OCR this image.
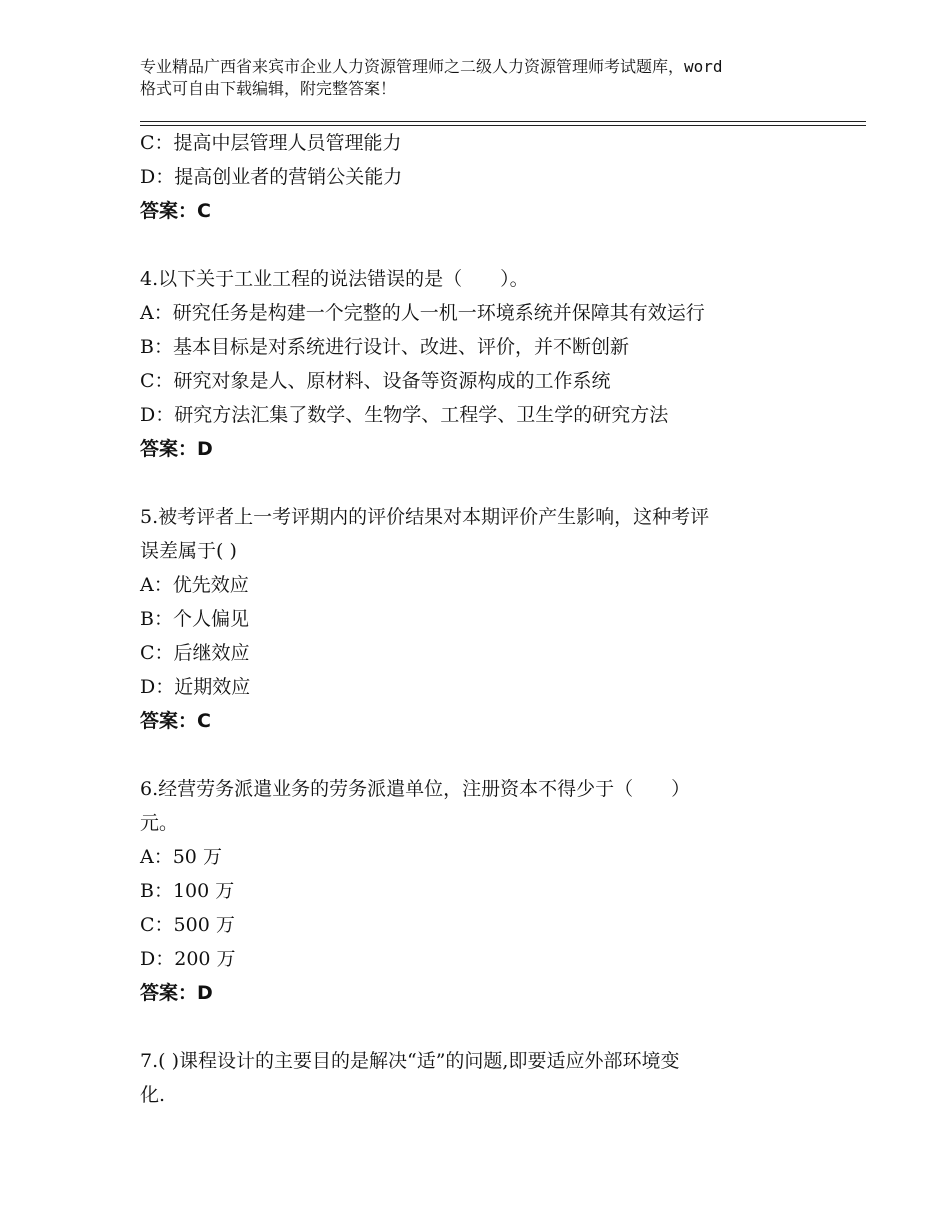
专业精品广西省来宾市企业人力资源管理师之二级人力资源管理师考试题库，word
格式可自由下载编辑，附完整答案！
C：提高中层管理人员管理能力
D：提高创业者的营销公关能力
答案：C
4.以下关于工业工程的说法错误的是（　　）。
A：研究任务是构建一个完整的人一机一环境系统并保障其有效运行
B：基本目标是对系统进行设计、改进、评价，并不断创新
C：研究对象是人、原材料、设备等资源构成的工作系统
D：研究方法汇集了数学、生物学、工程学、卫生学的研究方法
答案：D
5.被考评者上一考评期内的评价结果对本期评价产生影响，这种考评
误差属于( )
A：优先效应
B：个人偏见
C：后继效应
D：近期效应
答案：C
6.经营劳务派遣业务的劳务派遣单位，注册资本不得少于（　　）
元。
A：50 万
B：100 万
C：500 万
D：200 万
答案：D
7.( )课程设计的主要目的是解决“适”的问题,即要适应外部环境变
化.
